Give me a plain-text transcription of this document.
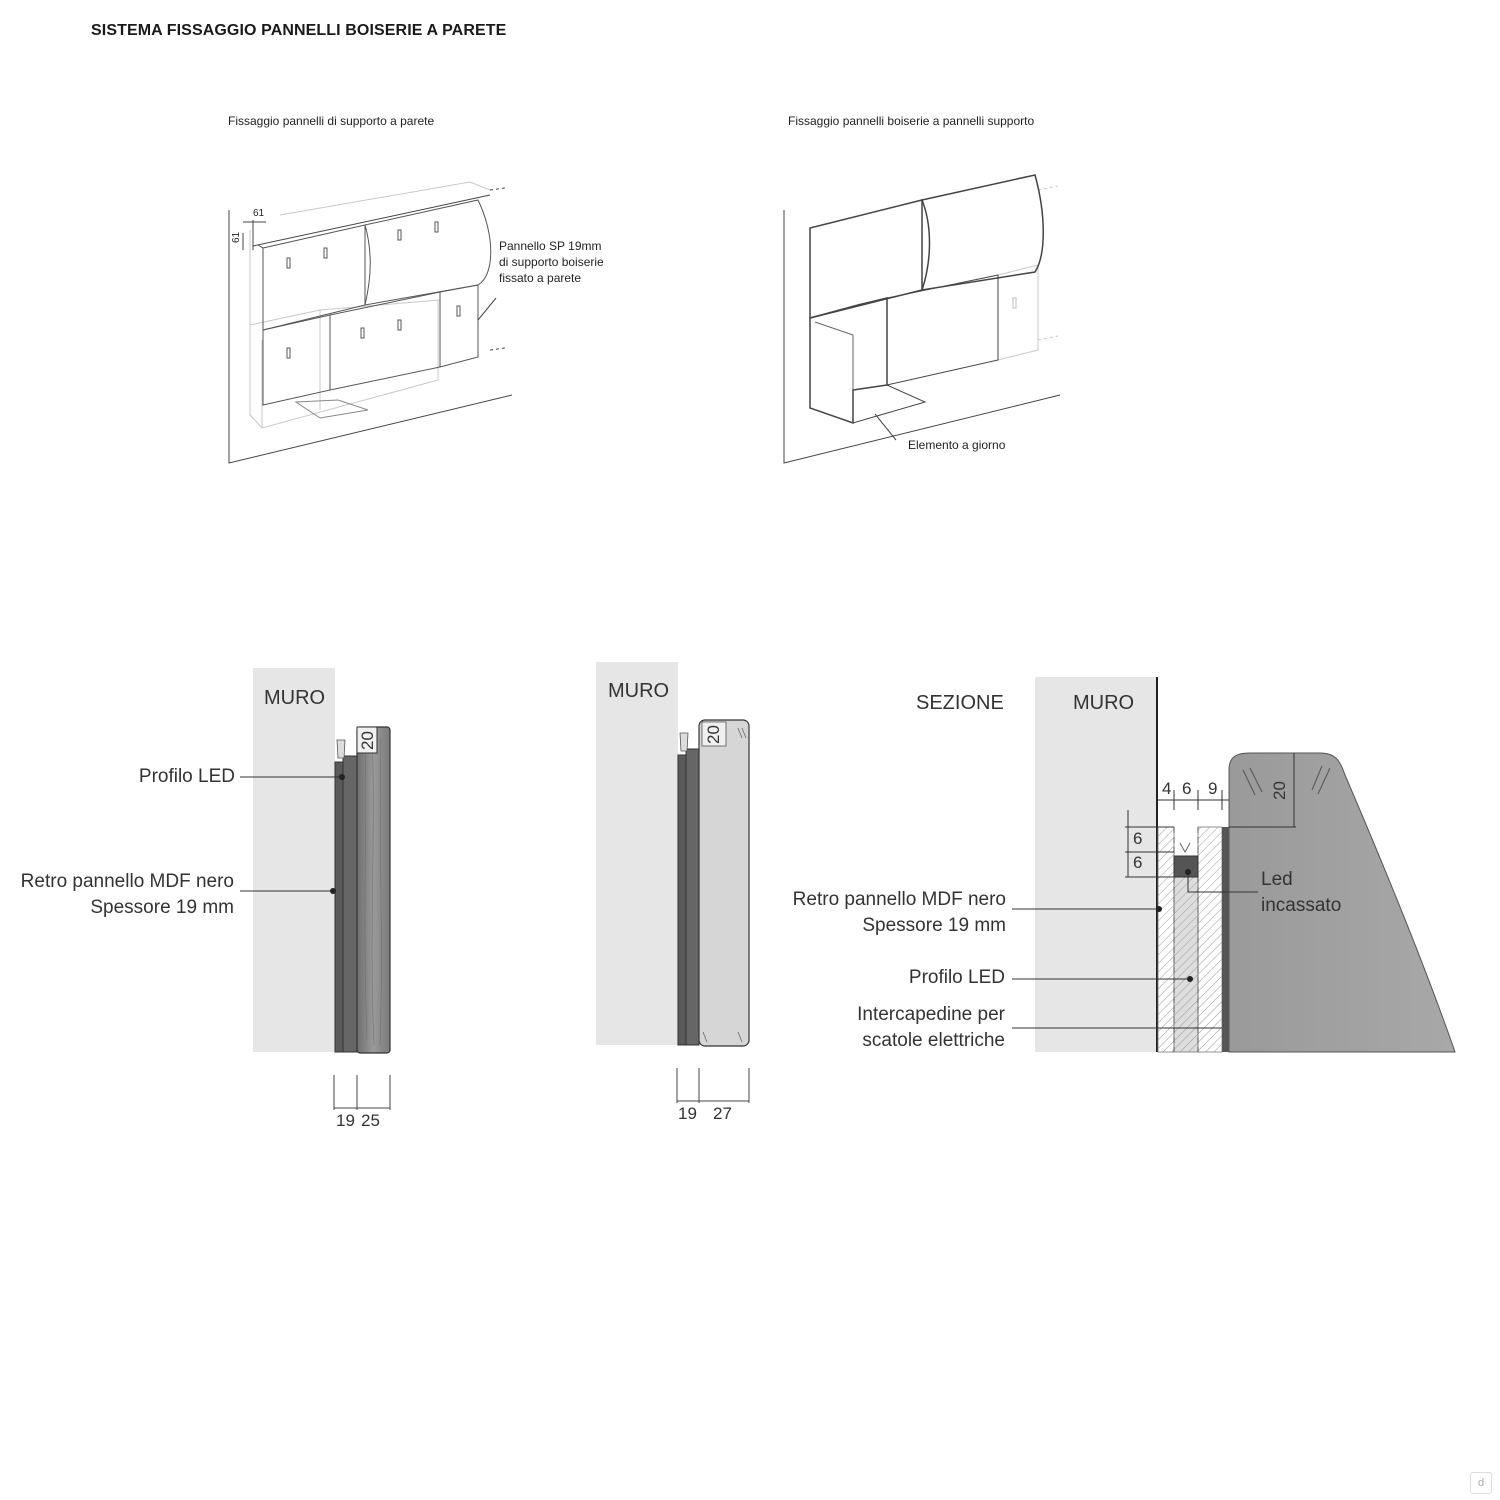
SISTEMA FISSAGGIO PANNELLI BOISERIE A PARETE
Fissaggio pannelli di supporto a parete
61
61
Pannello SP 19mm
di supporto boiserie
fissato a parete
Fissaggio pannelli boiserie a pannelli supporto
Elemento a giorno
MURO
Profilo LED
Retro pannello MDF nero
Spessore 19 mm
20
19 25
MURO
20
19 27
SEZIONE	MURO
4 6 9	20
6
6
Led
incassato
Retro pannello MDF nero
Spessore 19 mm
Profilo LED
Intercapedine per
scatole elettriche
d
